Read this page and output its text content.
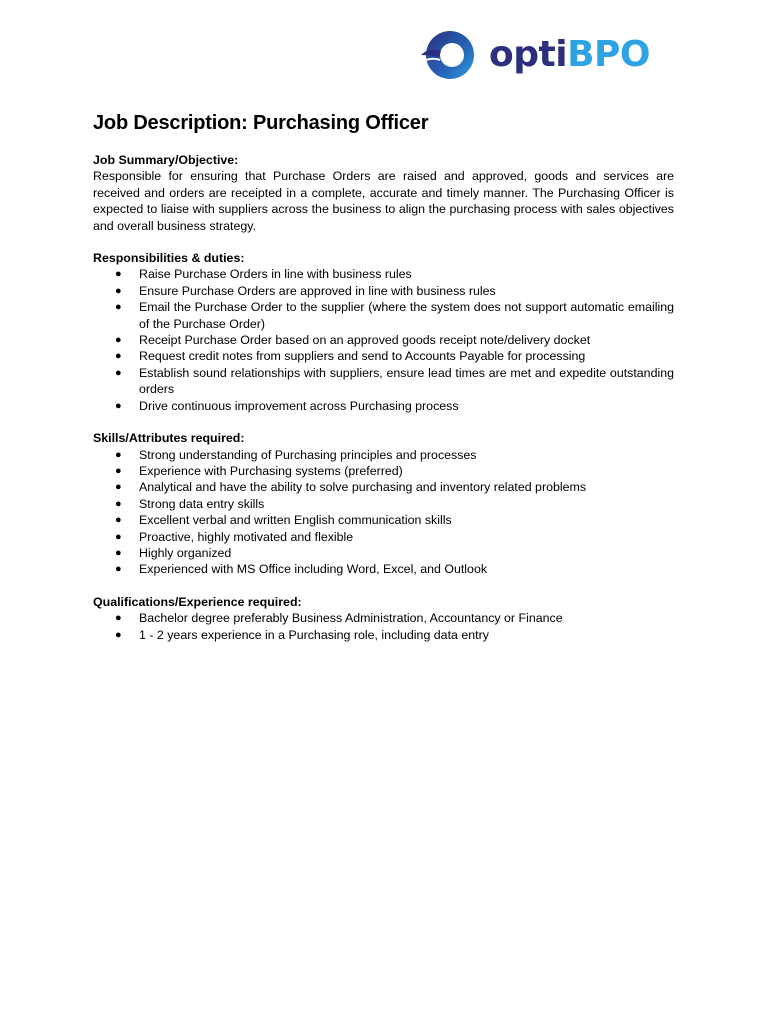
optiBPO
Job Description: Purchasing Officer

Job Summary/Objective:

Responsible for ensuring that Purchase Orders are raised and approved, goods and services are received and orders are receipted in a complete, accurate and timely manner. The Purchasing Officer is expected to liaise with suppliers across the business to align the purchasing process with sales objectives and overall business strategy.

Responsibilities & duties:

● Raise Purchase Orders in line with business rules
● Ensure Purchase Orders are approved in line with business rules
● Email the Purchase Order to the supplier (where the system does not support automatic emailing of the Purchase Order)
● Receipt Purchase Order based on an approved goods receipt note/delivery docket
● Request credit notes from suppliers and send to Accounts Payable for processing
● Establish sound relationships with suppliers, ensure lead times are met and expedite outstanding orders
● Drive continuous improvement across Purchasing process

Skills/Attributes required:

● Strong understanding of Purchasing principles and processes
● Experience with Purchasing systems (preferred)
● Analytical and have the ability to solve purchasing and inventory related problems
● Strong data entry skills
● Excellent verbal and written English communication skills
● Proactive, highly motivated and flexible
● Highly organized
● Experienced with MS Office including Word, Excel, and Outlook

Qualifications/Experience required:

● Bachelor degree preferably Business Administration, Accountancy or Finance
● 1 - 2 years experience in a Purchasing role, including data entry
